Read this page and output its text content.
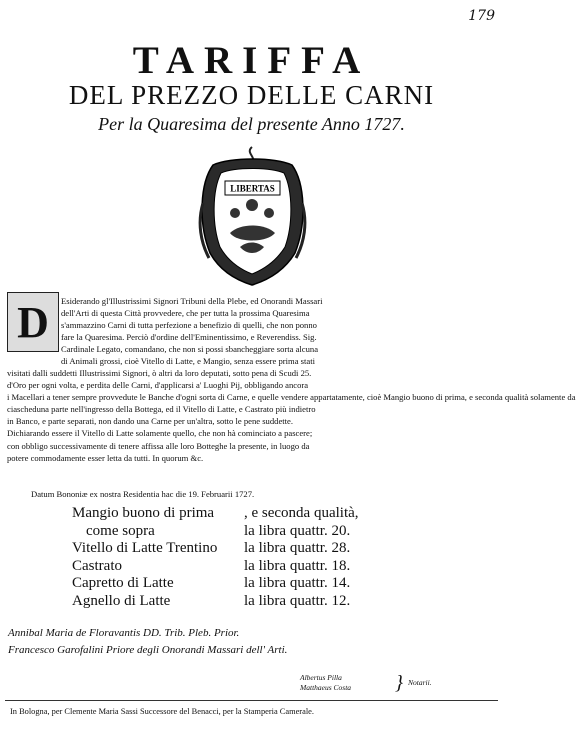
179
TARIFFA
DEL PREZZO DELLE CARNI
Per la Quaresima del presente Anno 1727.
LIBERTAS
D	Esiderando gl'Illustrissimi Signori Tribuni della Plebe, ed Onorandi Massari
dell'Arti di questa Città provvedere, che per tutta la prossima Quaresima
s'ammazzino Carni di tutta perfezione a benefizio di quelli, che non ponno
fare la Quaresima. Perciò d'ordine dell'Eminentissimo, e Reverendiss. Sig.
Cardinale Legato, comandano, che non si possi sbancheggiare sorta alcuna
di Animali grossi, cioè Vitello di Latte, e Mangio, senza essere prima stati
visitati dalli suddetti Illustrissimi Signori, ò altri da loro deputati, sotto pena di Scudi 25.
d'Oro per ogni volta, e perdita delle Carni, d'applicarsi a' Luoghi Pij, obbligando ancora
i Macellari a tener sempre provvedute le Banche d'ogni sorta di Carne, e quelle vendere appartatamente, cioè Mangio buono di prima, e seconda qualità solamente da
ciascheduna parte nell'ingresso della Bottega, ed il Vitello di Latte, e Castrato più indietro
in Banco, e parte separati, non dando una Carne per un'altra, sotto le pene suddette.
Dichiarando essere il Vitello di Latte solamente quello, che non hà cominciato a pascere;
con obbligo successivamente di tenere affissa alle loro Botteghe la presente, in luogo da
potere commodamente esser letta da tutti. In quorum &c.
Datum Bononiæ ex nostra Residentia hac die 19. Februarii 1727.
Mangio buono di prima	, e seconda qualità,
come sopra	la libra quattr. 20.
Vitello di Latte Trentino	la libra quattr. 28.
Castrato	la libra quattr. 18.
Capretto di Latte	la libra quattr. 14.
Agnello di Latte	la libra quattr. 12.
Annibal Maria de Floravantis DD. Trib. Pleb. Prior.
Francesco Garofalini Priore degli Onorandi Massari dell' Arti.
Albertus Pilla
Matthaeus Costa } Notarii.
In Bologna, per Clemente Maria Sassi Successore del Benacci, per la Stamperia Camerale.
